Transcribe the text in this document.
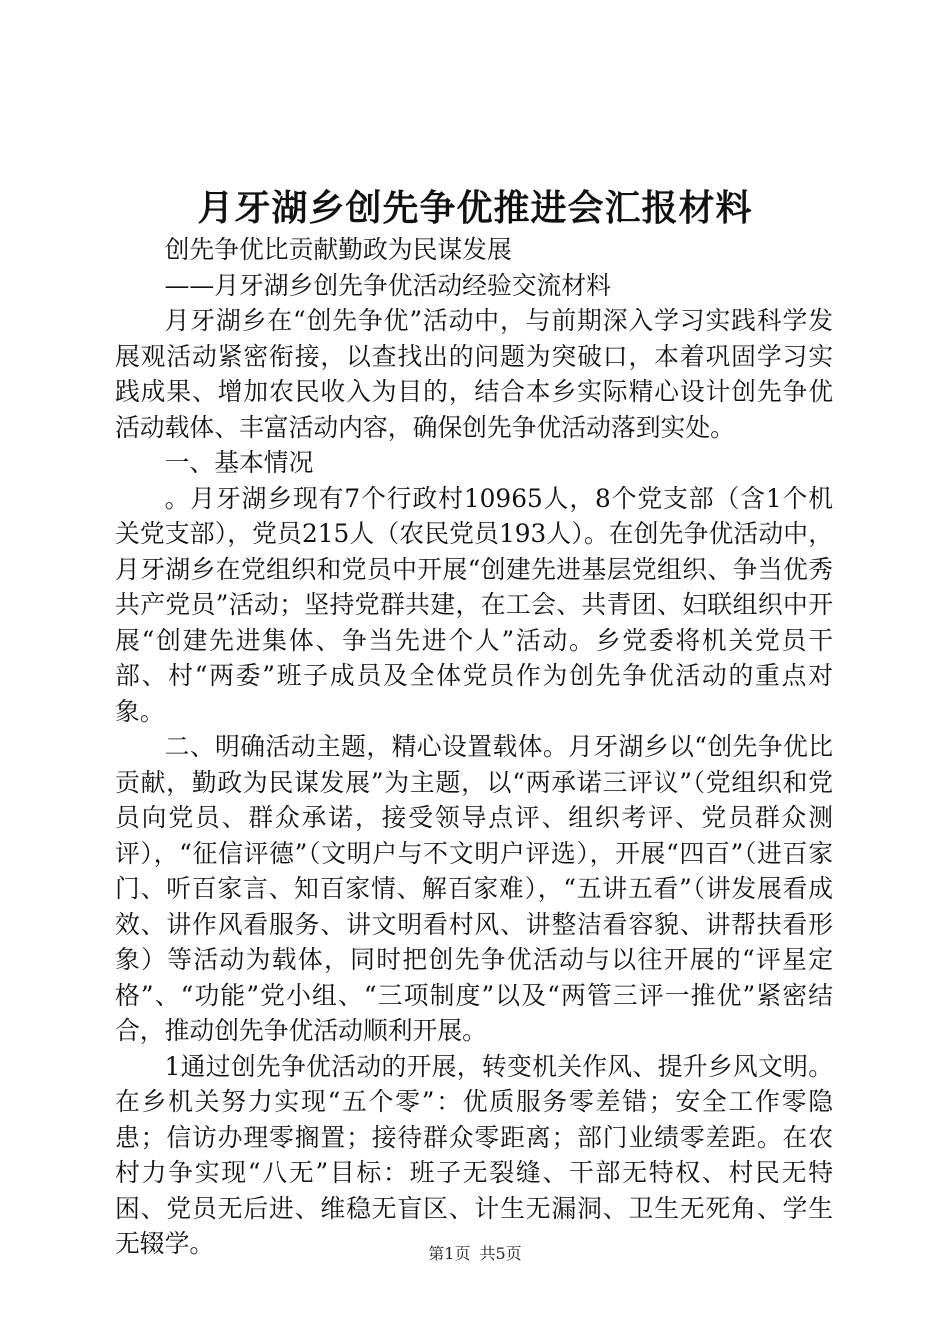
月牙湖乡创先争优推进会汇报材料

创先争优比贡献勤政为民谋发展

——月牙湖乡创先争优活动经验交流材料

月牙湖乡在“创先争优”活动中，与前期深入学习实践科学发展观活动紧密衔接，以查找出的问题为突破口，本着巩固学习实践成果、增加农民收入为目的，结合本乡实际精心设计创先争优活动载体、丰富活动内容，确保创先争优活动落到实处。

一、基本情况

。月牙湖乡现有7个行政村10965人，8个党支部（含1个机关党支部），党员215人（农民党员193人）。在创先争优活动中，月牙湖乡在党组织和党员中开展“创建先进基层党组织、争当优秀共产党员”活动；坚持党群共建，在工会、共青团、妇联组织中开展“创建先进集体、争当先进个人”活动。乡党委将机关党员干部、村“两委”班子成员及全体党员作为创先争优活动的重点对象。

二、明确活动主题，精心设置载体。月牙湖乡以“创先争优比贡献，勤政为民谋发展”为主题，以“两承诺三评议”（党组织和党员向党员、群众承诺，接受领导点评、组织考评、党员群众测评），“征信评德”（文明户与不文明户评选），开展“四百”（进百家门、听百家言、知百家情、解百家难），“五讲五看”（讲发展看成效、讲作风看服务、讲文明看村风、讲整洁看容貌、讲帮扶看形象）等活动为载体，同时把创先争优活动与以往开展的“评星定格”、“功能”党小组、“三项制度”以及“两管三评一推优”紧密结合，推动创先争优活动顺利开展。

1通过创先争优活动的开展，转变机关作风、提升乡风文明。在乡机关努力实现“五个零”：优质服务零差错；安全工作零隐患；信访办理零搁置；接待群众零距离；部门业绩零差距。在农村力争实现“八无”目标：班子无裂缝、干部无特权、村民无特困、党员无后进、维稳无盲区、计生无漏洞、卫生无死角、学生无辍学。	第1页 共5页
